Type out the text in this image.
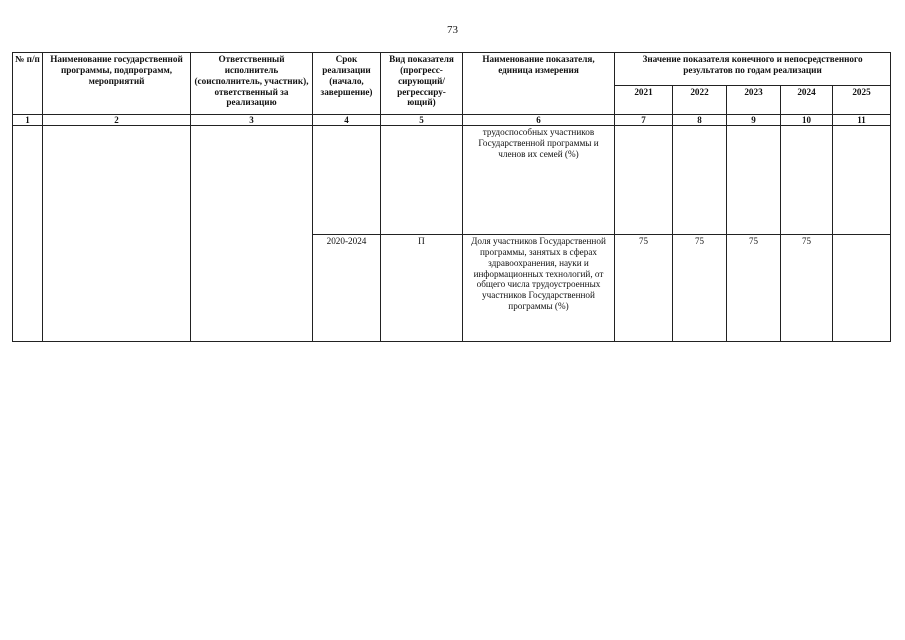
73
№ п/п	Наименование государственной программы, подпрограмм, мероприятий	Ответственный исполнитель (соисполнитель, участник), ответственный за реализацию	Срок реализации (начало, завершение)	Вид показателя (прогресс-сирующий/ регрессиру-ющий)	Наименование показателя, единица измерения	Значение показателя конечного и непосредственного результатов по годам реализации				
						2021	2022	2023	2024	2025
1	2	3	4	5	6	7	8	9	10	11
					трудоспособных участников Государственной программы и членов их семей (%)					
			2020-2024	П	Доля участников Государственной программы, занятых в сферах здравоохранения, науки и информационных технологий, от общего числа трудоустроенных участников Государственной программы (%)	75	75	75	75	
